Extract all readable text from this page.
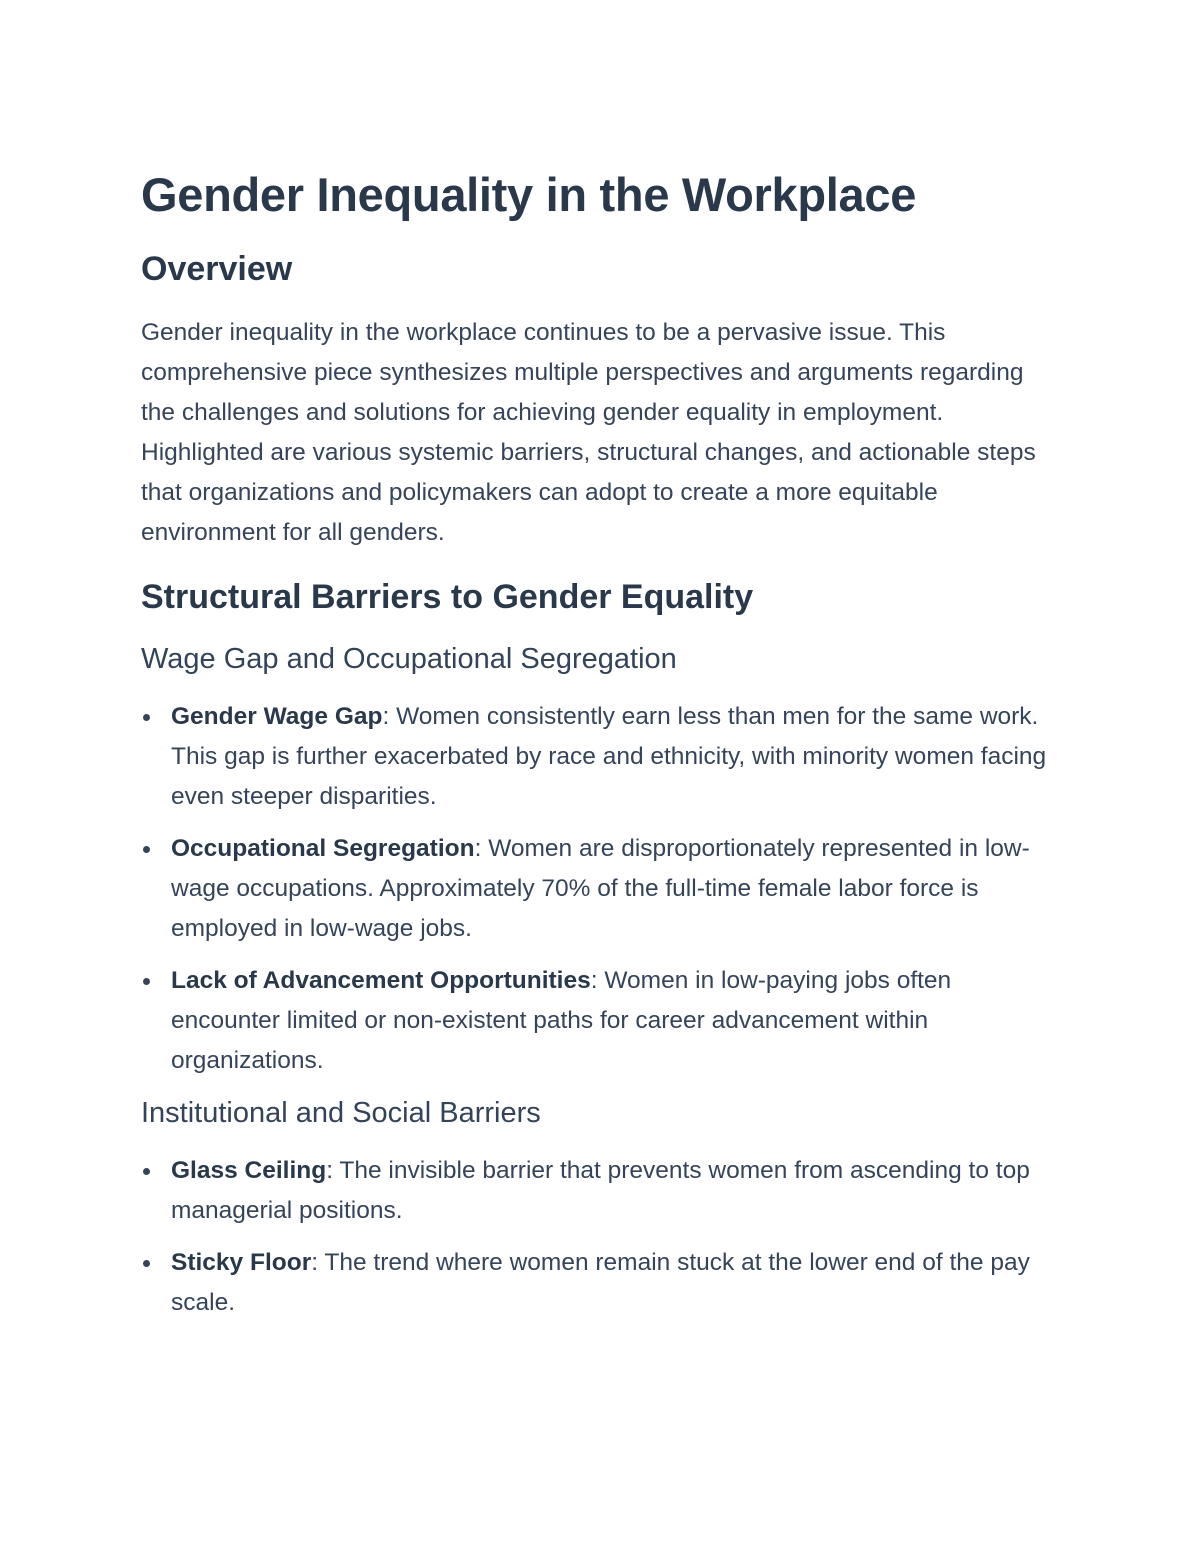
Gender Inequality in the Workplace
Overview

Gender inequality in the workplace continues to be a pervasive issue. This comprehensive piece synthesizes multiple perspectives and arguments regarding the challenges and solutions for achieving gender equality in employment. Highlighted are various systemic barriers, structural changes, and actionable steps that organizations and policymakers can adopt to create a more equitable environment for all genders.

Structural Barriers to Gender Equality
Wage Gap and Occupational Segregation
Gender Wage Gap: Women consistently earn less than men for the same work. This gap is further exacerbated by race and ethnicity, with minority women facing even steeper disparities.
Occupational Segregation: Women are disproportionately represented in low-wage occupations. Approximately 70% of the full-time female labor force is employed in low-wage jobs.
Lack of Advancement Opportunities: Women in low-paying jobs often encounter limited or non-existent paths for career advancement within organizations.
Institutional and Social Barriers
Glass Ceiling: The invisible barrier that prevents women from ascending to top managerial positions.
Sticky Floor: The trend where women remain stuck at the lower end of the pay scale.
